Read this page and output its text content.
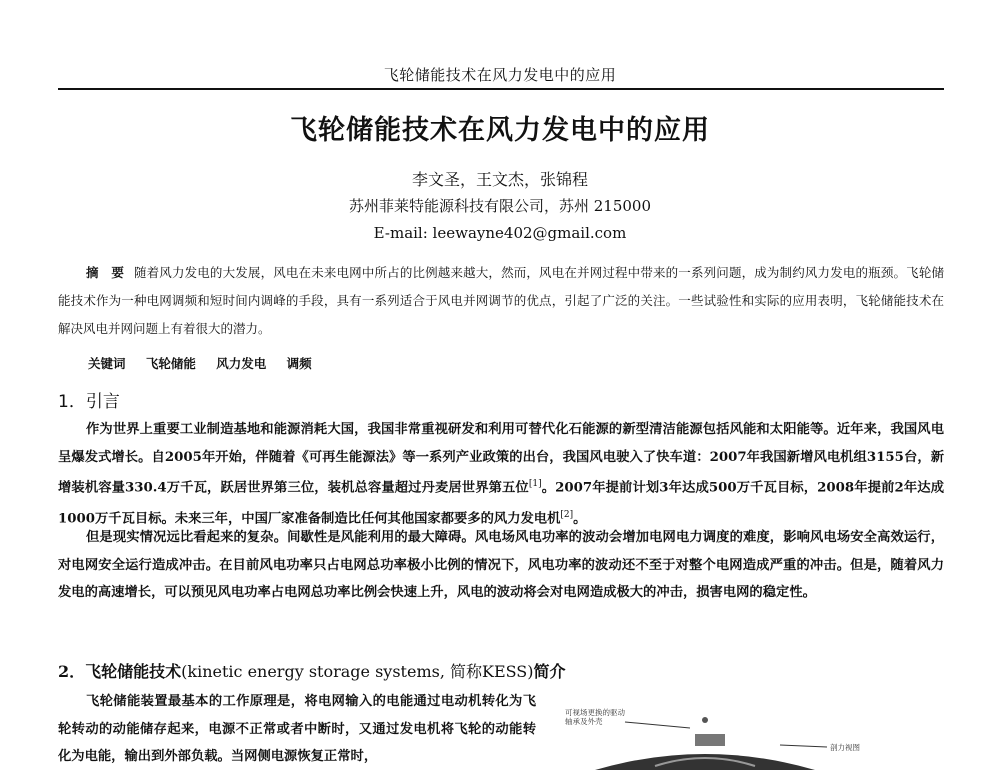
飞轮储能技术在风力发电中的应用
飞轮储能技术在风力发电中的应用
李文圣，王文杰，张锦程
苏州菲莱特能源科技有限公司，苏州 215000
E-mail: leewayne402@gmail.com

摘　要 随着风力发电的大发展，风电在未来电网中所占的比例越来越大，然而，风电在并网过程中带来的一系列问题，成为制约风力发电的瓶颈。飞轮储能技术作为一种电网调频和短时间内调峰的手段，具有一系列适合于风电并网调节的优点，引起了广泛的关注。一些试验性和实际的应用表明，飞轮储能技术在解决风电并网问题上有着很大的潜力。

关键词 飞轮储能 风力发电 调频
1．引言

作为世界上重要工业制造基地和能源消耗大国，我国非常重视研发和利用可替代化石能源的新型清洁能源包括风能和太阳能等。近年来，我国风电呈爆发式增长。自2005年开始，伴随着《可再生能源法》等一系列产业政策的出台，我国风电驶入了快车道：2007年我国新增风电机组3155台，新增装机容量330.4万千瓦，跃居世界第三位，装机总容量超过丹麦居世界第五位[1]。2007年提前计划3年达成500万千瓦目标，2008年提前2年达成1000万千瓦目标。未来三年，中国厂家准备制造比任何其他国家都要多的风力发电机[2]。

但是现实情况远比看起来的复杂。间歇性是风能利用的最大障碍。风电场风电功率的波动会增加电网电力调度的难度，影响风电场安全高效运行，对电网安全运行造成冲击。在目前风电功率只占电网总功率极小比例的情况下，风电功率的波动还不至于对整个电网造成严重的冲击。但是，随着风力发电的高速增长，可以预见风电功率占电网总功率比例会快速上升，风电的波动将会对电网造成极大的冲击，损害电网的稳定性。

2．飞轮储能技术(kinetic energy storage systems, 简称KESS)简介

飞轮储能装置最基本的工作原理是，将电网输入的电能通过电动机转化为飞轮转动的动能储存起来，电源不正常或者中断时，又通过发电机将飞轮的动能转化为电能，输出到外部负载。当网侧电源恢复正常时，

可视场更换的驱动轴承及外壳
剖力视图
